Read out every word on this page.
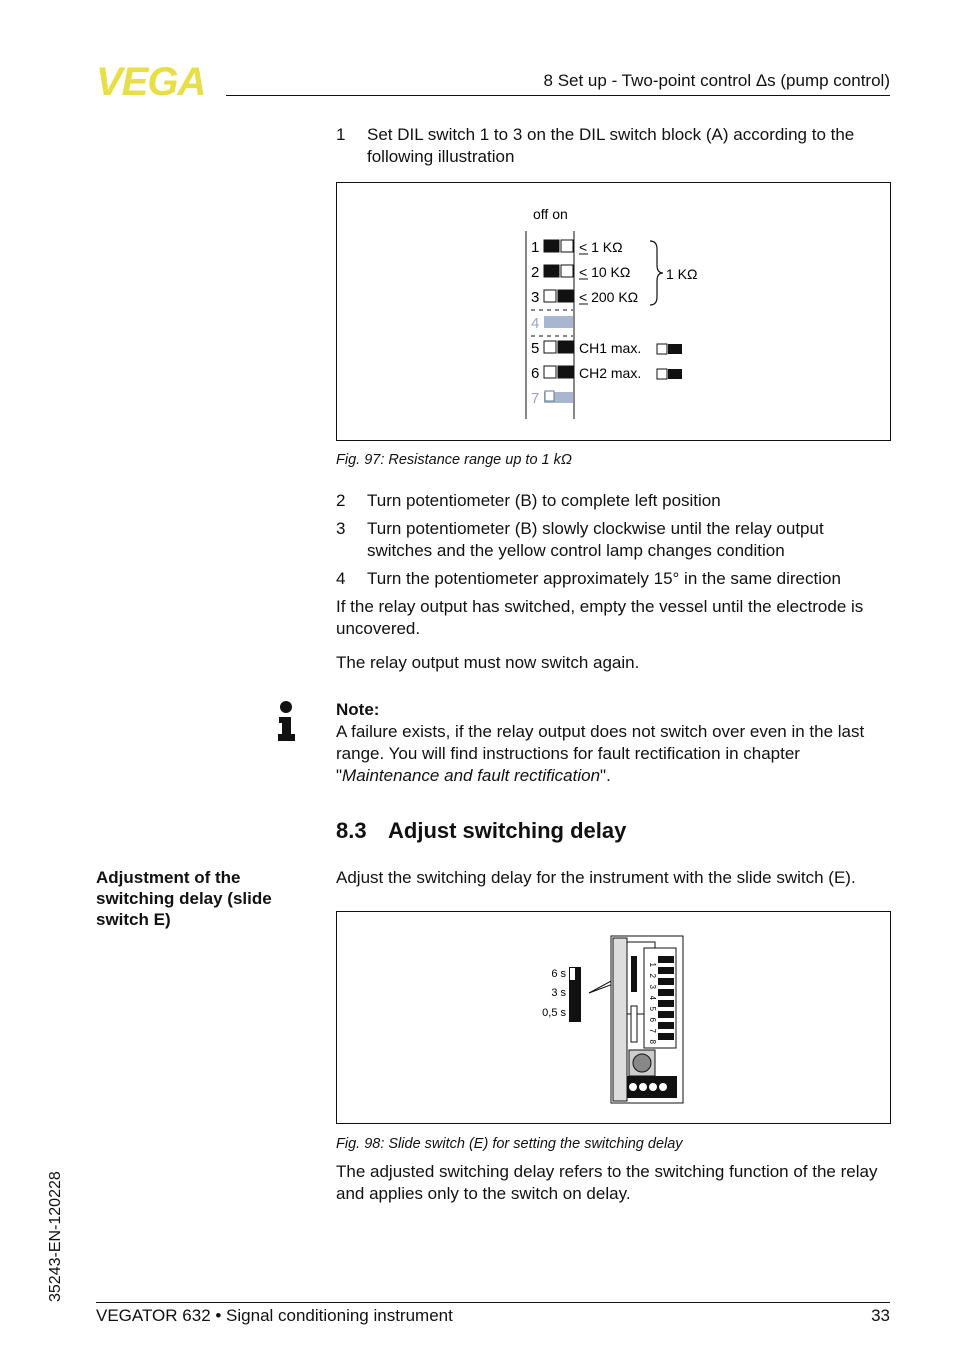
VEGA	8 Set up - Two-point control Δs (pump control)
1 Set DIL switch 1 to 3 on the DIL switch block (A) according to the following illustration
off on
1
2
3
4
5
6
7
< 1 KΩ
< 10 KΩ
< 200 KΩ
CH1 max.
CH2 max.
1 KΩ
Fig. 97: Resistance range up to 1 kΩ
2 Turn potentiometer (B) to complete left position
3 Turn potentiometer (B) slowly clockwise until the relay output switches and the yellow control lamp changes condition
4 Turn the potentiometer approximately 15° in the same direction
If the relay output has switched, empty the vessel until the electrode is uncovered.
The relay output must now switch again.
Note:
A failure exists, if the relay output does not switch over even in the last range. You will find instructions for fault rectification in chapter "Maintenance and fault rectification".
8.3 Adjust switching delay
Adjustment of the switching delay (slide switch E)
Adjust the switching delay for the instrument with the slide switch (E).
6 s
3 s
0,5 s
1
2
3
4
5
6
7
8
Fig. 98: Slide switch (E) for setting the switching delay
The adjusted switching delay refers to the switching function of the relay and applies only to the switch on delay.
35243-EN-120228
VEGATOR 632 • Signal conditioning instrument	33
